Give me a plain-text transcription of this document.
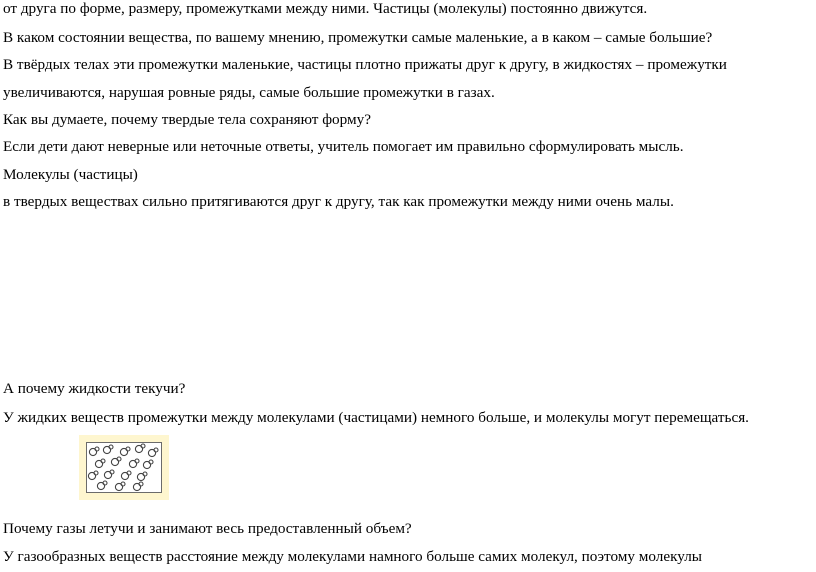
от друга по форме, размеру, промежутками между ними. Частицы (молекулы) постоянно движутся.
В каком состоянии вещества, по вашему мнению, промежутки самые маленькие, а в каком – самые большие?
В твёрдых телах эти промежутки маленькие, частицы плотно прижаты друг к другу, в жидкостях – промежутки
увеличиваются, нарушая ровные ряды, самые большие промежутки в газах.
Как вы думаете, почему твердые тела сохраняют форму?
Если дети дают неверные или неточные ответы, учитель помогает им правильно сформулировать мысль.
Молекулы (частицы)
в твердых веществах сильно притягиваются друг к другу, так как промежутки между ними очень малы.
А почему жидкости текучи?
У жидких веществ промежутки между молекулами (частицами) немного больше, и молекулы могут перемещаться.
Почему газы летучи и занимают весь предоставленный объем?
У газообразных веществ расстояние между молекулами намного больше самих молекул, поэтому молекулы
